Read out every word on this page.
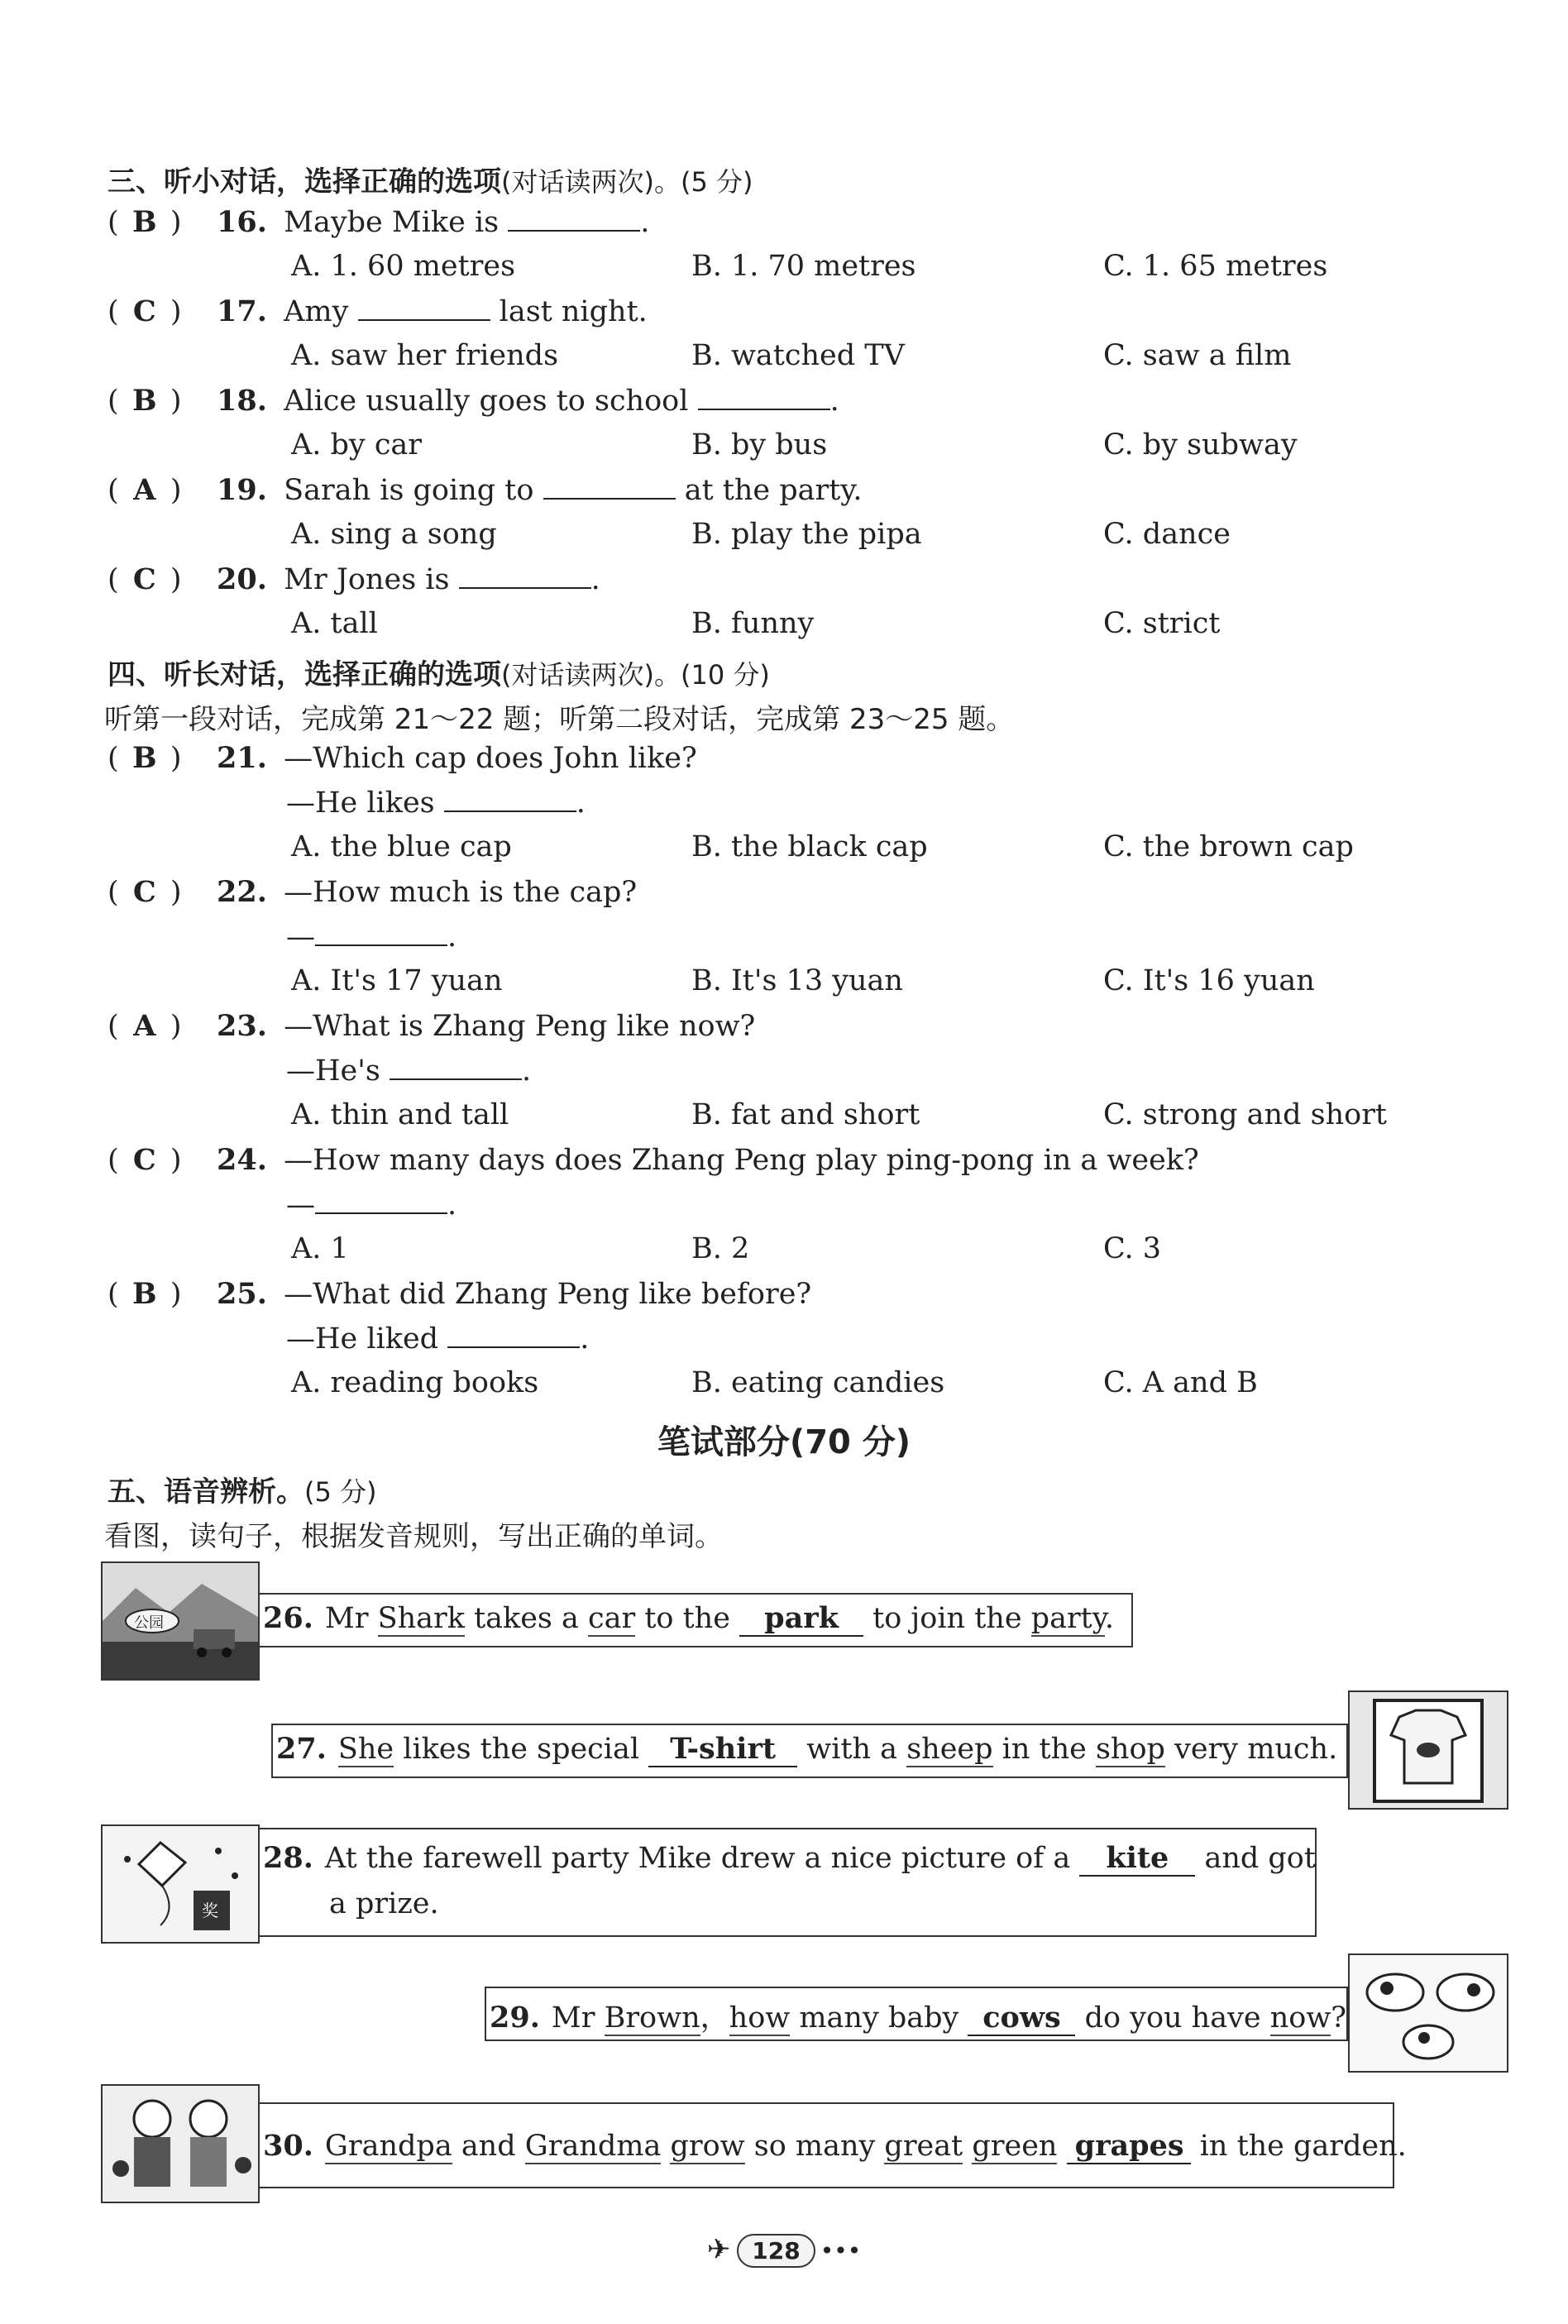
三、听小对话，选择正确的选项(对话读两次)。(5 分)
( B ) 16. Maybe Mike is	.
A. 1. 60 metres	B. 1. 70 metres	C. 1. 65 metres
( C ) 17. Amy	last night.
A. saw her friends	B. watched TV	C. saw a film
( B ) 18. Alice usually goes to school	.
A. by car	B. by bus	C. by subway
( A ) 19. Sarah is going to	at the party.
A. sing a song	B. play the pipa	C. dance
( C ) 20. Mr Jones is	.
A. tall	B. funny	C. strict
四、听长对话，选择正确的选项(对话读两次)。(10 分)
听第一段对话，完成第 21～22 题；听第二段对话，完成第 23～25 题。
( B ) 21. —Which cap does John like?
—He likes	.
A. the blue cap	B. the black cap	C. the brown cap
( C ) 22. —How much is the cap?
—	.
A. It's 17 yuan	B. It's 13 yuan	C. It's 16 yuan
( A ) 23. —What is Zhang Peng like now?
—He's	.
A. thin and tall	B. fat and short	C. strong and short
( C ) 24. —How many days does Zhang Peng play ping-pong in a week?
—	.
A. 1	B. 2	C. 3
( B ) 25. —What did Zhang Peng like before?
—He liked	.
A. reading books	B. eating candies	C. A and B
笔试部分(70 分)
五、语音辨析。(5 分)
看图，读句子，根据发音规则，写出正确的单词。
公园	26. Mr Shark takes a car to the park to join the party.
27. She likes the special T-shirt with a sheep in the shop very much.
奖
28. At the farewell party Mike drew a nice picture of a kite and got
a prize.
29. Mr Brown，how many baby cows do you have now?
30. Grandpa and Grandma grow so many great green grapes in the garden.
✈ 128 •••
